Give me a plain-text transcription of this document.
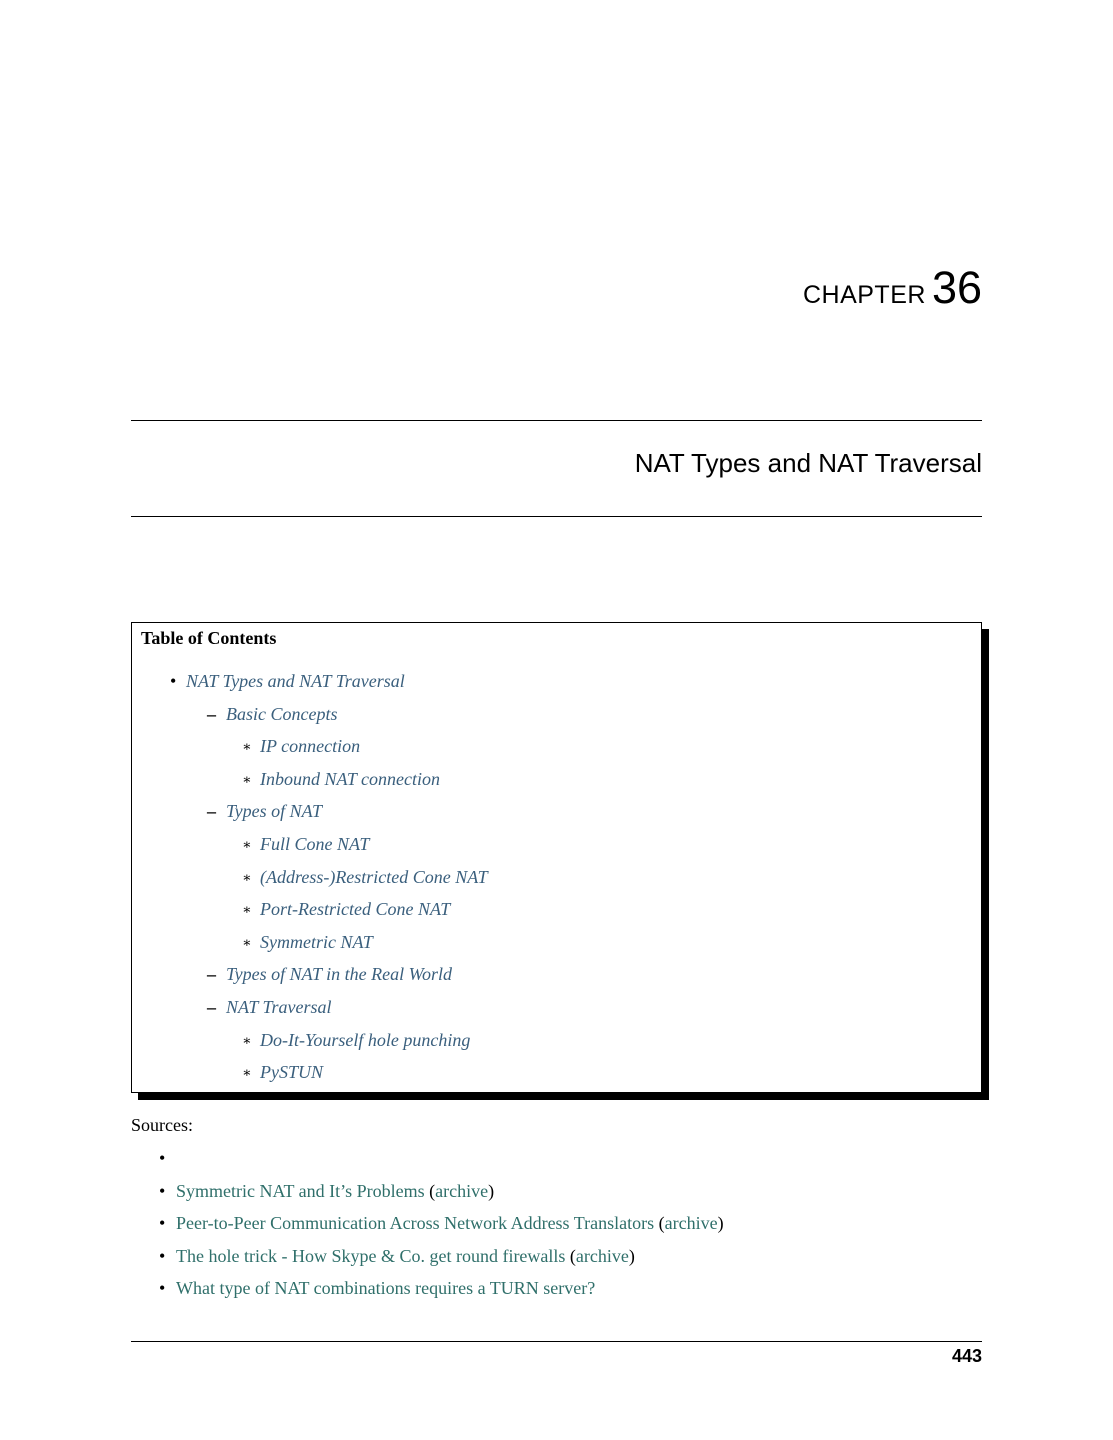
CHAPTER 36
NAT Types and NAT Traversal
Table of Contents
• NAT Types and NAT Traversal
– Basic Concepts
∗ IP connection
∗ Inbound NAT connection
– Types of NAT
∗ Full Cone NAT
∗ (Address-)Restricted Cone NAT
∗ Port-Restricted Cone NAT
∗ Symmetric NAT
– Types of NAT in the Real World
– NAT Traversal
∗ Do-It-Yourself hole punching
∗ PySTUN
Sources:
•
• Symmetric NAT and It’s Problems (archive)
• Peer-to-Peer Communication Across Network Address Translators (archive)
• The hole trick - How Skype & Co. get round firewalls (archive)
• What type of NAT combinations requires a TURN server?
443
